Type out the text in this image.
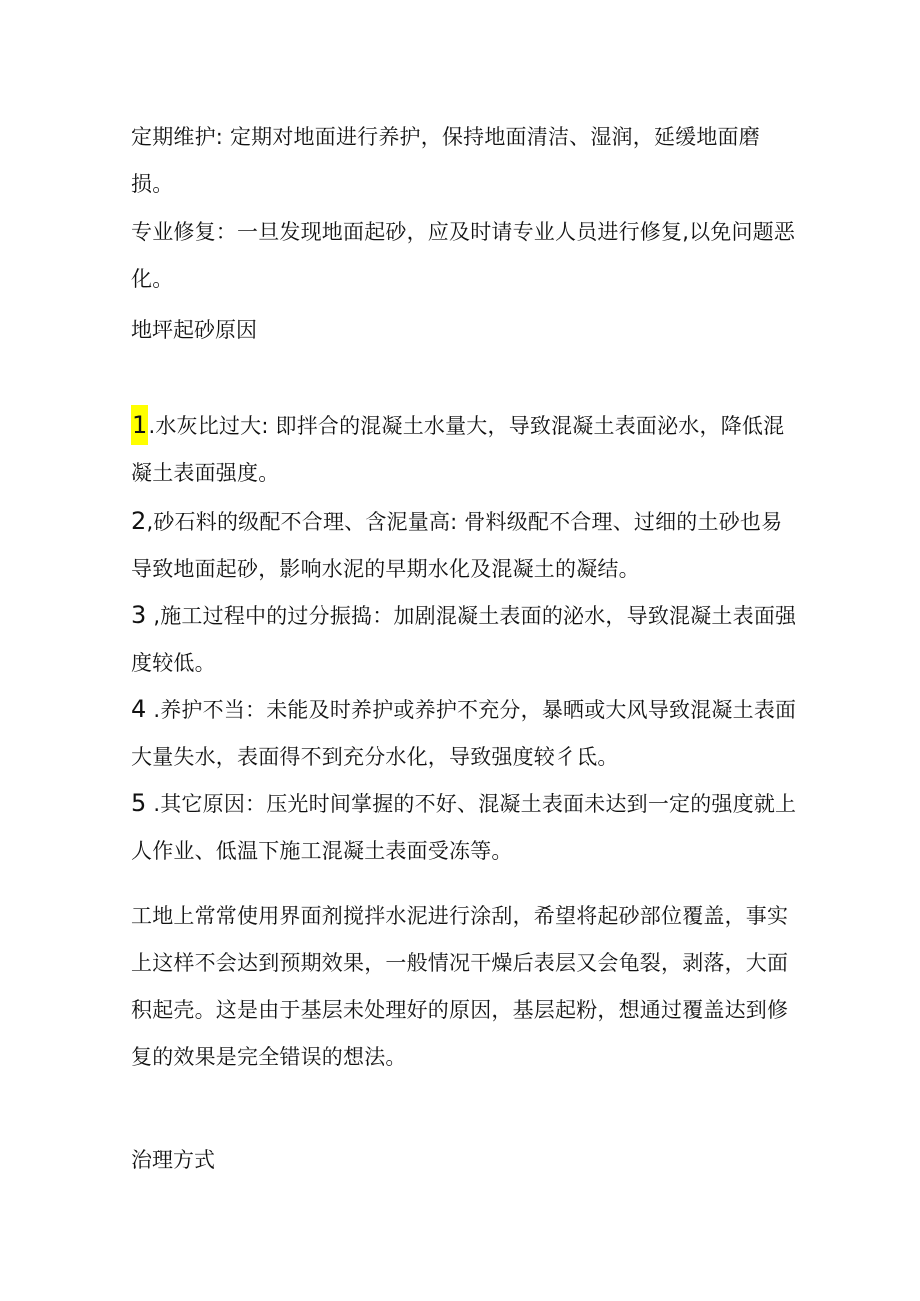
定期维护: 定期对地面进行养护，保持地面清洁、湿润，延缓地面磨损。
专业修复：一旦发现地面起砂，应及时请专业人员进行修复,以免问题恶化。
地坪起砂原因
1.水灰比过大: 即拌合的混凝土水量大，导致混凝土表面泌水，降低混凝土表面强度。
2,砂石料的级配不合理、含泥量高: 骨料级配不合理、过细的土砂也易导致地面起砂，影响水泥的早期水化及混凝土的凝结。
3 ,施工过程中的过分振捣：加剧混凝土表面的泌水，导致混凝土表面强度较低。
4 .养护不当：未能及时养护或养护不充分，暴晒或大风导致混凝土表面大量失水，表面得不到充分水化，导致强度较彳氐。
5 .其它原因：压光时间掌握的不好、混凝土表面未达到一定的强度就上人作业、低温下施工混凝土表面受冻等。
工地上常常使用界面剂搅拌水泥进行涂刮，希望将起砂部位覆盖，事实上这样不会达到预期效果，一般情况干燥后表层又会龟裂，剥落，大面积起壳。这是由于基层未处理好的原因，基层起粉，想通过覆盖达到修复的效果是完全错误的想法。
治理方式
